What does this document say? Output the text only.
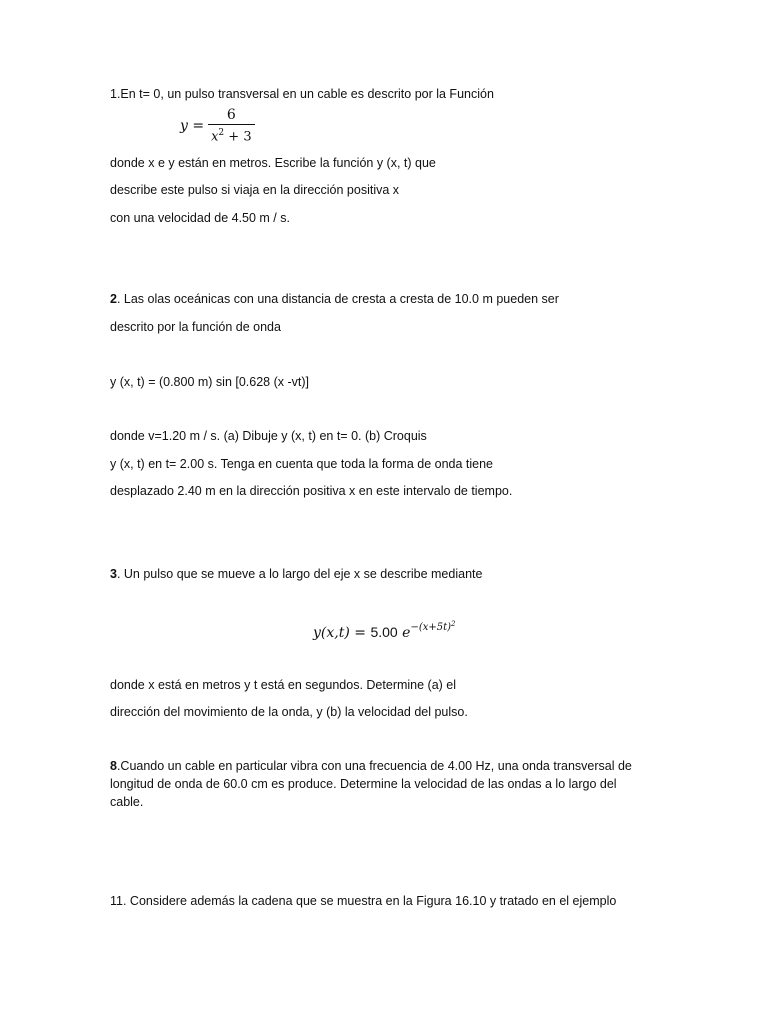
1.En t= 0, un pulso transversal en un cable es descrito por la Función
$y = \frac{6}{x^2 + 3}$
donde x e y están en metros. Escribe la función y (x, t) que
describe este pulso si viaja en la dirección positiva x
con una velocidad de 4.50 m / s.
2. Las olas oceánicas con una distancia de cresta a cresta de 10.0 m pueden ser
descrito por la función de onda
y (x, t) = (0.800 m) sin [0.628 (x -vt)]
donde v=1.20 m / s. (a) Dibuje y (x, t) en t= 0. (b) Croquis
y (x, t) en t= 2.00 s. Tenga en cuenta que toda la forma de onda tiene
desplazado 2.40 m en la dirección positiva x en este intervalo de tiempo.
3. Un pulso que se mueve a lo largo del eje x se describe mediante
y(x,t) = 5.00 $e^{-(x+5t)^2}$
donde x está en metros y t está en segundos. Determine (a) el
dirección del movimiento de la onda, y (b) la velocidad del pulso.
8.Cuando un cable en particular vibra con una frecuencia de 4.00 Hz, una onda transversal de
longitud de onda de 60.0 cm es produce. Determine la velocidad de las ondas a lo largo del
cable.
11. Considere además la cadena que se muestra en la Figura 16.10 y tratado en el ejemplo
